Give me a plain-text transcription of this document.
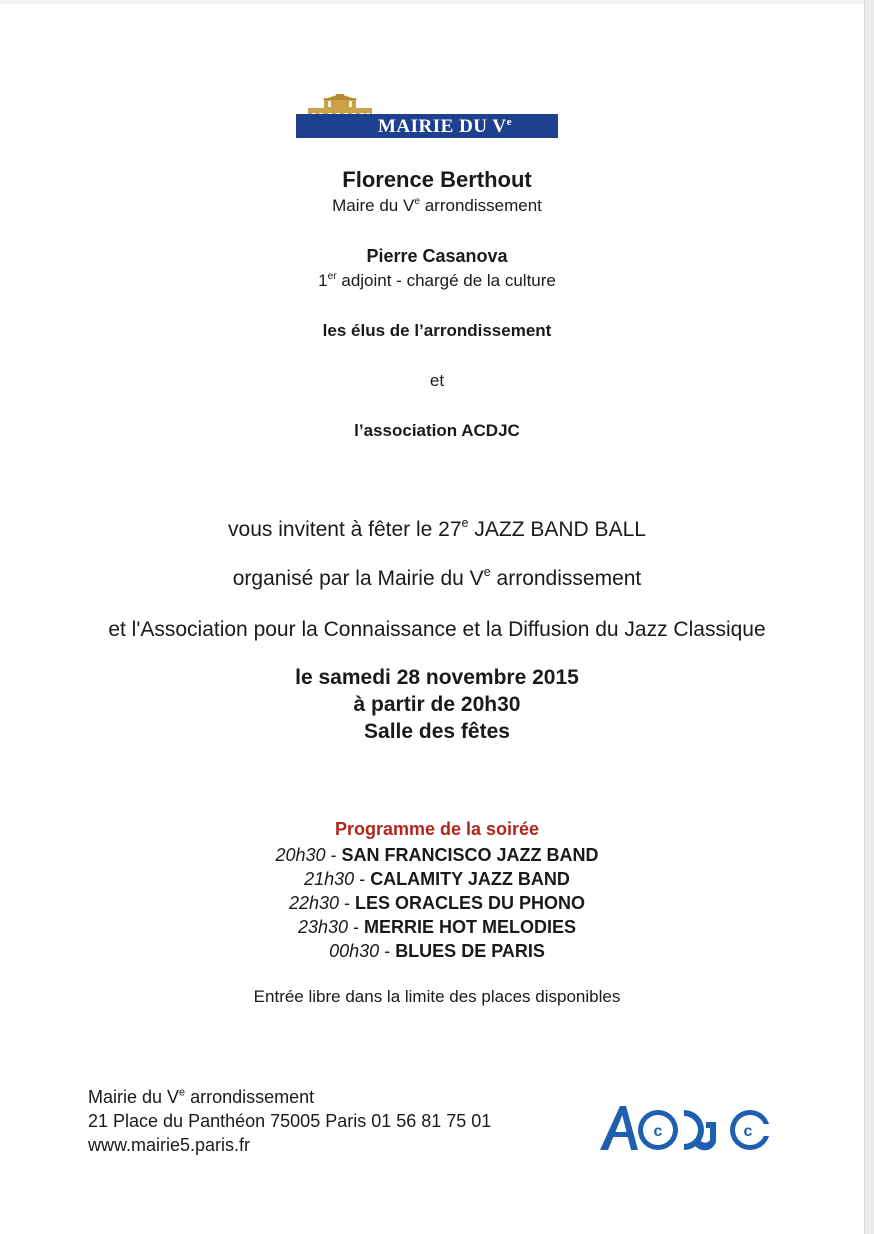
MAIRIE DU Ve
Florence Berthout
Maire du Ve arrondissement
Pierre Casanova
1er adjoint - chargé de la culture
les élus de l’arrondissement
et
l’association ACDJC
vous invitent à fêter le 27e JAZZ BAND BALL
organisé par la Mairie du Ve arrondissement
et l'Association pour la Connaissance et la Diffusion du Jazz Classique
le samedi 28 novembre 2015
à partir de 20h30
Salle des fêtes
Programme de la soirée
20h30 - SAN FRANCISCO JAZZ BAND
21h30 - CALAMITY JAZZ BAND
22h30 - LES ORACLES DU PHONO
23h30 - MERRIE HOT MELODIES
00h30 - BLUES DE PARIS
Entrée libre dans la limite des places disponibles
Mairie du Ve arrondissement
21 Place du Panthéon 75005 Paris 01 56 81 75 01
www.mairie5.paris.fr
c	c
